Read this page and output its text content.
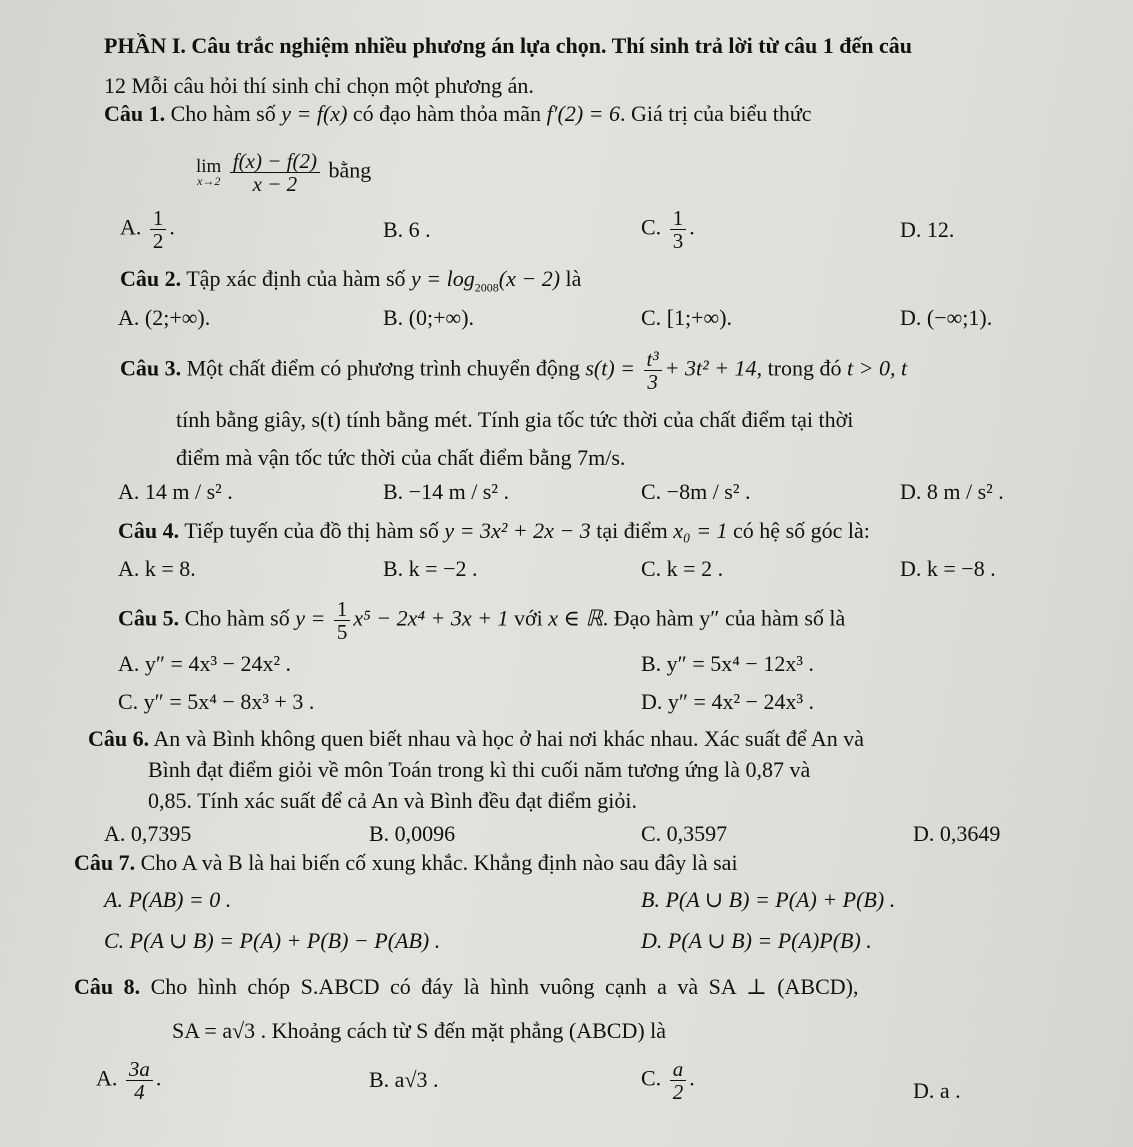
PHẦN I. Câu trắc nghiệm nhiều phương án lựa chọn. Thí sinh trả lời từ câu 1 đến câu
12 Mỗi câu hỏi thí sinh chỉ chọn một phương án.
Câu 1. Cho hàm số y = f(x) có đạo hàm thỏa mãn f′(2) = 6. Giá trị của biểu thức
lim
x→2
$\frac{f(x) - f(2)}{x - 2}$ bằng
A. $\frac{1}{2}$ .	B. 6 .	C. $\frac{1}{3}$ .	D. 12.
Câu 2. Tập xác định của hàm số $y = \log_{2008}(x - 2)$ là
A. (2;+∞).	B. (0;+∞).	C. [1;+∞).	D. (−∞;1).
Câu 3. Một chất điểm có phương trình chuyển động $s(t) = \frac{\text{t³}}{3} + 3t^2 + 14$, trong đó t > 0, t
tính bằng giây, s(t) tính bằng mét. Tính gia tốc tức thời của chất điểm tại thời
điểm mà vận tốc tức thời của chất điểm bằng 7m/s.
A. 14 m / s² .	B. −14 m / s² .	C. −8m / s² .	D. 8 m / s² .
Câu 4. Tiếp tuyến của đồ thị hàm số y = 3x² + 2x − 3 tại điểm x₀ = 1 có hệ số góc là:
A. k = 8.	B. k = −2 .	C. k = 2 .	D. k = −8 .
Câu 5. Cho hàm số $y = \frac{1}{5} x^5 - 2x^4 + 3x + 1$ với x ∈ ℝ. Đạo hàm y″ của hàm số là
A. y″ = 4x³ − 24x² .	B. y″ = 5x⁴ − 12x³ .
C. y″ = 5x⁴ − 8x³ + 3 .	D. y″ = 4x² − 24x³ .
Câu 6. An và Bình không quen biết nhau và học ở hai nơi khác nhau. Xác suất để An và
Bình đạt điểm giỏi về môn Toán trong kì thi cuối năm tương ứng là 0,87 và
0,85. Tính xác suất để cả An và Bình đều đạt điểm giỏi.
A. 0,7395	B. 0,0096	C. 0,3597	D. 0,3649
Câu 7. Cho A và B là hai biến cố xung khắc. Khẳng định nào sau đây là sai
A. P(AB) = 0 .	B. P(A ∪ B) = P(A) + P(B) .
C. P(A ∪ B) = P(A) + P(B) − P(AB) .	D. P(A ∪ B) = P(A)P(B) .
Câu 8. Cho hình chóp S.ABCD có đáy là hình vuông cạnh a và SA ⊥ (ABCD),
SA = a√3 . Khoảng cách từ S đến mặt phẳng (ABCD) là
A. $\frac{3a}{4}$ .	B. a√3 .	C. $\frac{a}{2}$ .	D. a .
